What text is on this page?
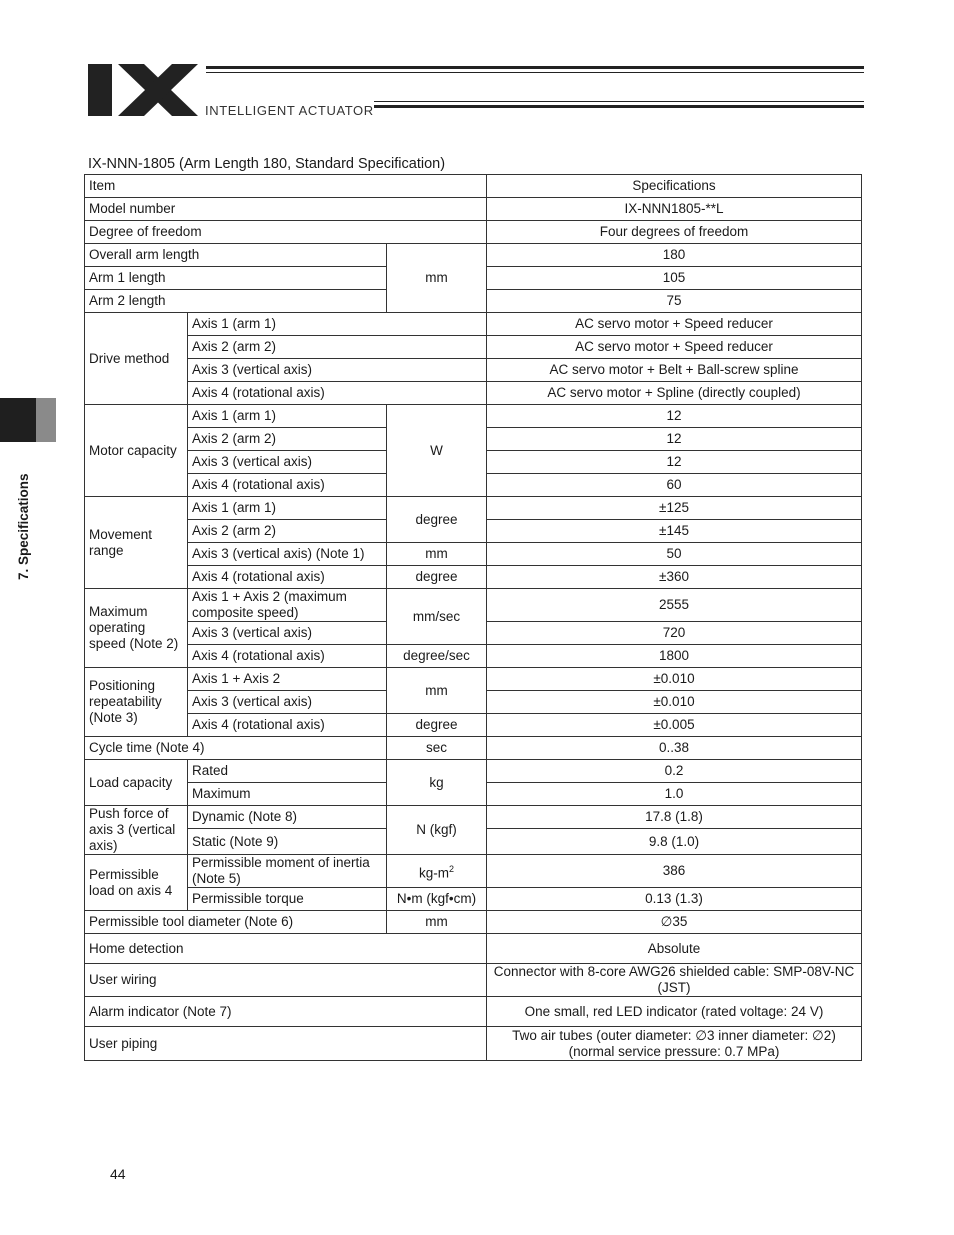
INTELLIGENT ACTUATOR
7. Specifications
IX-NNN-1805 (Arm Length 180, Standard Specification)
Item			Specifications
Model number			IX-NNN1805-**L
Degree of freedom			Four degrees of freedom
Overall arm length		mm	180
Arm 1 length			105
Arm 2 length			75
Drive method	Axis 1 (arm 1)		AC servo motor + Speed reducer
	Axis 2 (arm 2)		AC servo motor + Speed reducer
	Axis 3 (vertical axis)		AC servo motor + Belt + Ball-screw spline
	Axis 4 (rotational axis)		AC servo motor + Spline (directly coupled)
Motor capacity	Axis 1 (arm 1)	W	12
	Axis 2 (arm 2)		12
	Axis 3 (vertical axis)		12
	Axis 4 (rotational axis)		60
Movement range	Axis 1 (arm 1)	degree	±125
	Axis 2 (arm 2)		±145
	Axis 3 (vertical axis) (Note 1)	mm	50
	Axis 4 (rotational axis)	degree	±360
Maximum operating speed (Note 2)	Axis 1 + Axis 2 (maximum composite speed)	mm/sec	2555
	Axis 3 (vertical axis)		720
	Axis 4 (rotational axis)	degree/sec	1800
Positioning repeatability (Note 3)	Axis 1 + Axis 2	mm	±0.010
	Axis 3 (vertical axis)		±0.010
	Axis 4 (rotational axis)	degree	±0.005
Cycle time (Note 4)		sec	0..38
Load capacity	Rated	kg	0.2
	Maximum		1.0
Push force of axis 3 (vertical axis)	Dynamic (Note 8)	N (kgf)	17.8 (1.8)
	Static (Note 9)		9.8 (1.0)
Permissible load on axis 4	Permissible moment of inertia (Note 5)	$kg-m^2$	386
	Permissible torque	N•m (kgf•cm)	0.13 (1.3)
Permissible tool diameter (Note 6)		mm	∅35
Home detection			Absolute
User wiring			Connector with 8-core AWG26 shielded cable: SMP-08V-NC (JST)
Alarm indicator (Note 7)			One small, red LED indicator (rated voltage: 24 V)
User piping			Two air tubes (outer diameter: ∅3 inner diameter: ∅2) (normal service pressure: 0.7 MPa)
44
